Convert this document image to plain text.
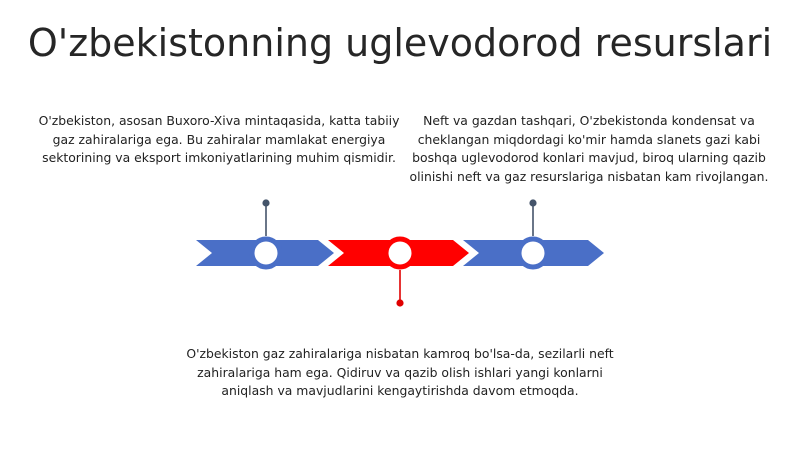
O'zbekistonning uglevodorod resurslari
O'zbekiston, asosan Buxoro-Xiva mintaqasida, katta tabiiy gaz zahiralariga ega. Bu zahiralar mamlakat energiya sektorining va eksport imkoniyatlarining muhim qismidir.
Neft va gazdan tashqari, O'zbekistonda kondensat va cheklangan miqdordagi ko'mir hamda slanets gazi kabi boshqa uglevodorod konlari mavjud, biroq ularning qazib olinishi neft va gaz resurslariga nisbatan kam rivojlangan.
O'zbekiston gaz zahiralariga nisbatan kamroq bo'lsa-da, sezilarli neft zahiralariga ham ega. Qidiruv va qazib olish ishlari yangi konlarni aniqlash va mavjudlarini kengaytirishda davom etmoqda.
